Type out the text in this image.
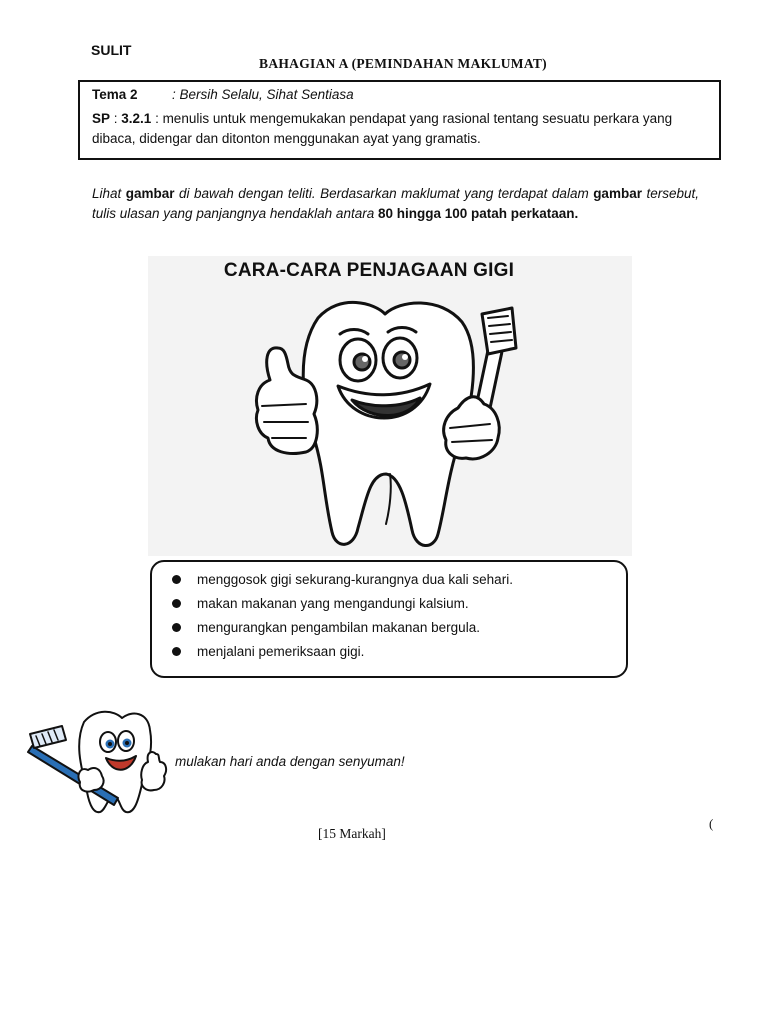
SULIT
BAHAGIAN A (PEMINDAHAN MAKLUMAT)
Tema 2	: Bersih Selalu, Sihat Sentiasa
SP : 3.2.1 : menulis untuk mengemukakan pendapat yang rasional tentang sesuatu perkara yang dibaca, didengar dan ditonton menggunakan ayat yang gramatis.
Lihat gambar di bawah dengan teliti. Berdasarkan maklumat yang terdapat dalam gambar tersebut, tulis ulasan yang panjangnya hendaklah antara 80 hingga 100 patah perkataan.
CARA-CARA PENJAGAAN GIGI
menggosok gigi sekurang-kurangnya dua kali sehari.
makan makanan yang mengandungi kalsium.
mengurangkan pengambilan makanan bergula.
menjalani pemeriksaan gigi.
mulakan hari anda dengan senyuman!
[15 Markah]
(
